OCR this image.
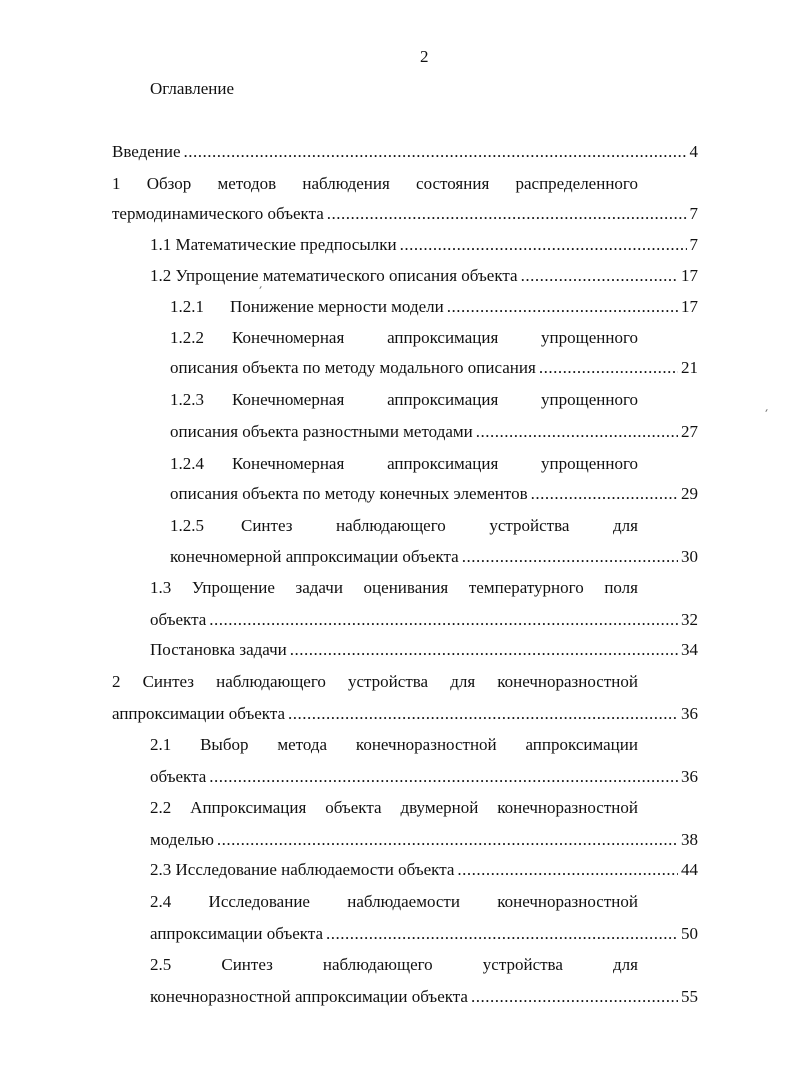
2
Оглавление
Введение .....	4
1 Обзор методов наблюдения состояния распределенного
термодинамического объекта .....	7
1.1 Математические предпосылки .....	7
1.2 Упрощение математического описания объекта .....	17
1.2.1 Понижение мерности модели .....	17
1.2.2 Конечномерная	аппроксимация	упрощенного
описания объекта по методу модального описания .....	21
1.2.3 Конечномерная	аппроксимация	упрощенного
описания объекта разностными методами .....	27
1.2.4 Конечномерная	аппроксимация	упрощенного
описания объекта по методу конечных элементов .....	29
1.2.5 Синтез	наблюдающего	устройства	для
конечномерной аппроксимации объекта .....	30
1.3 Упрощение задачи оценивания температурного поля
объекта .....	32
Постановка задачи .....	34
2 Синтез наблюдающего устройства для конечноразностной
аппроксимации объекта .....	36
2.1 Выбор метода конечноразностной аппроксимации
объекта .....	36
2.2 Аппроксимация объекта двумерной конечноразностной
моделью .....	38
2.3 Исследование наблюдаемости объекта .....	44
2.4 Исследование наблюдаемости конечноразностной
аппроксимации объекта .....	50
2.5	Синтез	наблюдающего	устройства	для
конечноразностной аппроксимации объекта .....	55
